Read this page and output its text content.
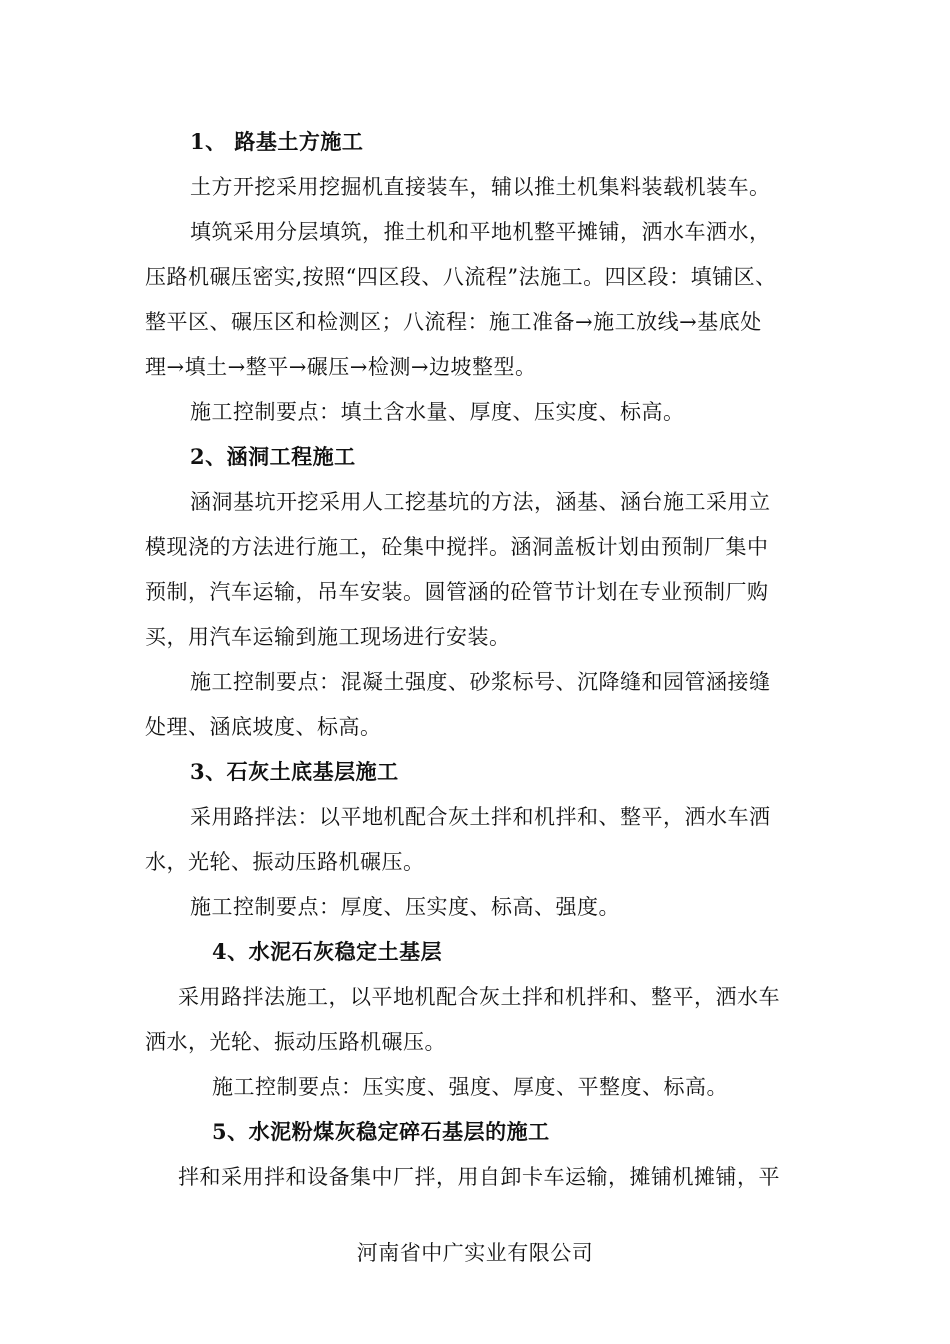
1、 路基土方施工
土方开挖采用挖掘机直接装车，辅以推土机集料装载机装车。
填筑采用分层填筑，推土机和平地机整平摊铺，洒水车洒水，
压路机碾压密实,按照“四区段、八流程”法施工。四区段：填铺区、
整平区、碾压区和检测区；八流程：施工准备→施工放线→基底处
理→填土→整平→碾压→检测→边坡整型。
施工控制要点：填土含水量、厚度、压实度、标高。
2、涵洞工程施工
涵洞基坑开挖采用人工挖基坑的方法，涵基、涵台施工采用立
模现浇的方法进行施工，砼集中搅拌。涵洞盖板计划由预制厂集中
预制，汽车运输，吊车安装。圆管涵的砼管节计划在专业预制厂购
买，用汽车运输到施工现场进行安装。
施工控制要点：混凝土强度、砂浆标号、沉降缝和园管涵接缝
处理、涵底坡度、标高。
3、石灰土底基层施工
采用路拌法：以平地机配合灰土拌和机拌和、整平，洒水车洒
水，光轮、振动压路机碾压。
施工控制要点：厚度、压实度、标高、强度。
4、水泥石灰稳定土基层
采用路拌法施工，以平地机配合灰土拌和机拌和、整平，洒水车
洒水，光轮、振动压路机碾压。
施工控制要点：压实度、强度、厚度、平整度、标高。
5、水泥粉煤灰稳定碎石基层的施工
拌和采用拌和设备集中厂拌，用自卸卡车运输，摊铺机摊铺，平
河南省中广实业有限公司
